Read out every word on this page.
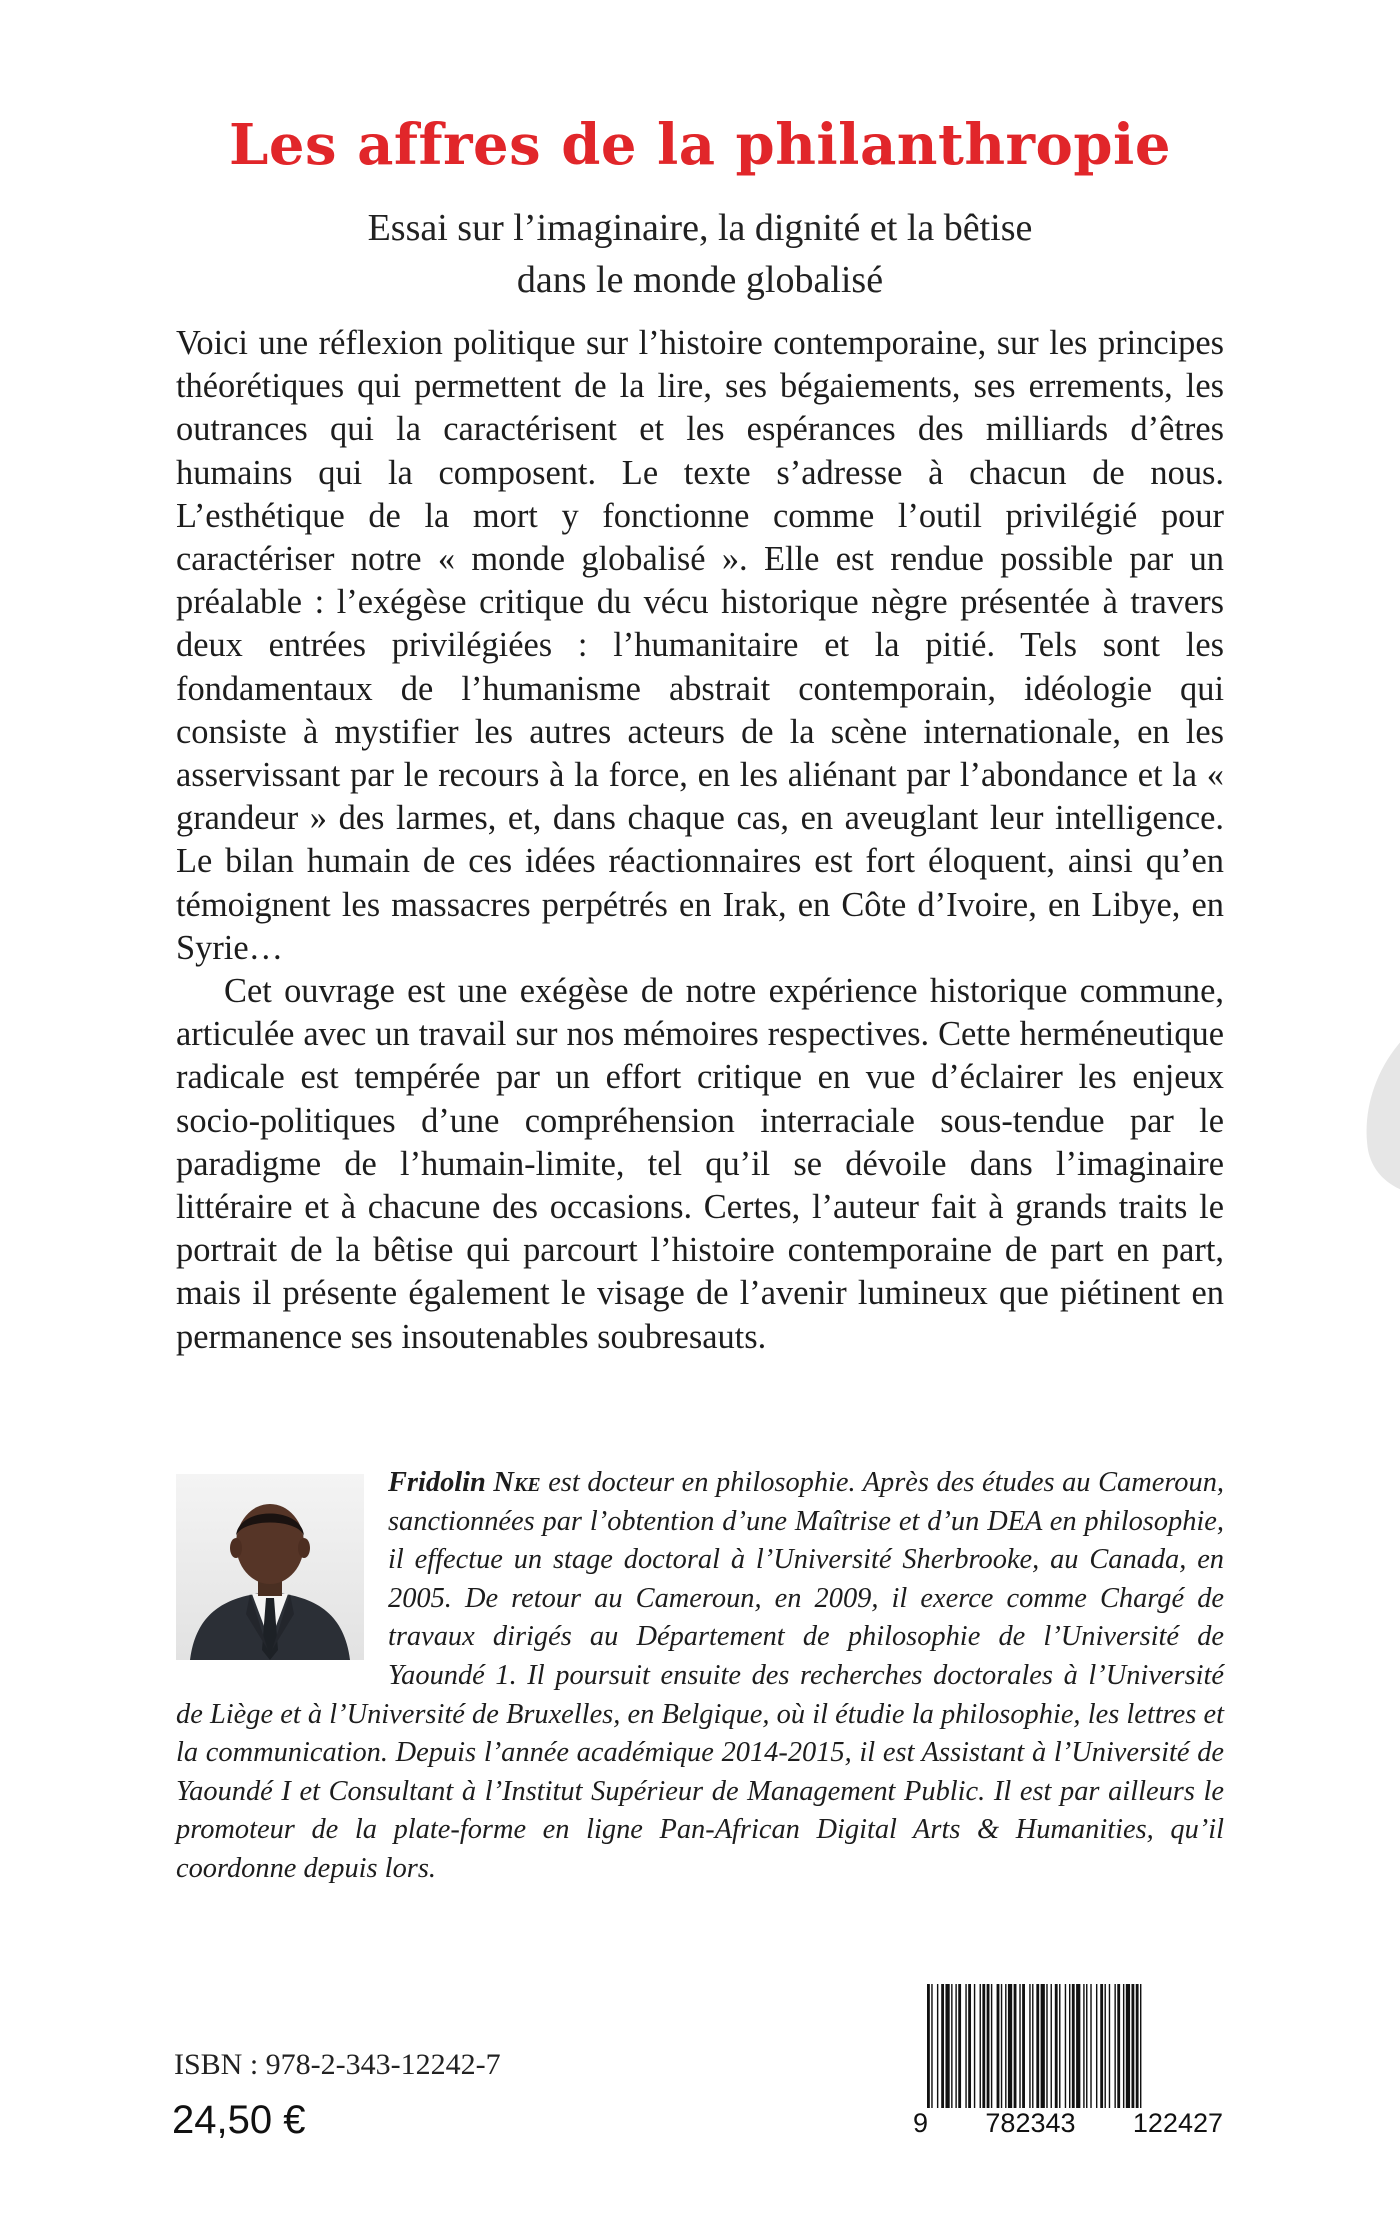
Les affres de la philanthropie
Essai sur l’imaginaire, la dignité et la bêtise
dans le monde globalisé

Voici une réflexion politique sur l’histoire contemporaine, sur les principes théorétiques qui permettent de la lire, ses bégaiements, ses errements, les outrances qui la caractérisent et les espérances des milliards d’êtres humains qui la composent. Le texte s’adresse à chacun de nous. L’esthétique de la mort y fonctionne comme l’outil privilégié pour caractériser notre « monde globalisé ». Elle est rendue possible par un préalable : l’exégèse critique du vécu historique nègre présentée à travers deux entrées privilégiées : l’humanitaire et la pitié. Tels sont les fondamentaux de l’humanisme abstrait contemporain, idéologie qui consiste à mystifier les autres acteurs de la scène internationale, en les asservissant par le recours à la force, en les aliénant par l’abondance et la « grandeur » des larmes, et, dans chaque cas, en aveuglant leur intelligence. Le bilan humain de ces idées réactionnaires est fort éloquent, ainsi qu’en témoignent les massacres perpétrés en Irak, en Côte d’Ivoire, en Libye, en Syrie…

Cet ouvrage est une exégèse de notre expérience historique commune, articulée avec un travail sur nos mémoires respectives. Cette herméneutique radicale est tempérée par un effort critique en vue d’éclairer les enjeux socio-politiques d’une compréhension interraciale sous-tendue par le paradigme de l’humain-limite, tel qu’il se dévoile dans l’imaginaire littéraire et à chacune des occasions. Certes, l’auteur fait à grands traits le portrait de la bêtise qui parcourt l’histoire contemporaine de part en part, mais il présente également le visage de l’avenir lumineux que piétinent en permanence ses insoutenables soubresauts.

Fridolin Nke est docteur en philosophie. Après des études au Cameroun, sanctionnées par l’obtention d’une Maîtrise et d’un DEA en philosophie, il effectue un stage doctoral à l’Université Sherbrooke, au Canada, en 2005. De retour au Cameroun, en 2009, il exerce comme Chargé de travaux dirigés au Département de philosophie de l’Université de Yaoundé 1. Il poursuit ensuite des recherches doctorales à l’Université de Liège et à l’Université de Bruxelles, en Belgique, où il étudie la philosophie, les lettres et la communication. Depuis l’année académique 2014-2015, il est Assistant à l’Université de Yaoundé I et Consultant à l’Institut Supérieur de Management Public. Il est par ailleurs le promoteur de la plate-forme en ligne Pan-African Digital Arts & Humanities, qu’il coordonne depuis lors.
ISBN : 978-2-343-12242-7
24,50 €	9 782343 122427
